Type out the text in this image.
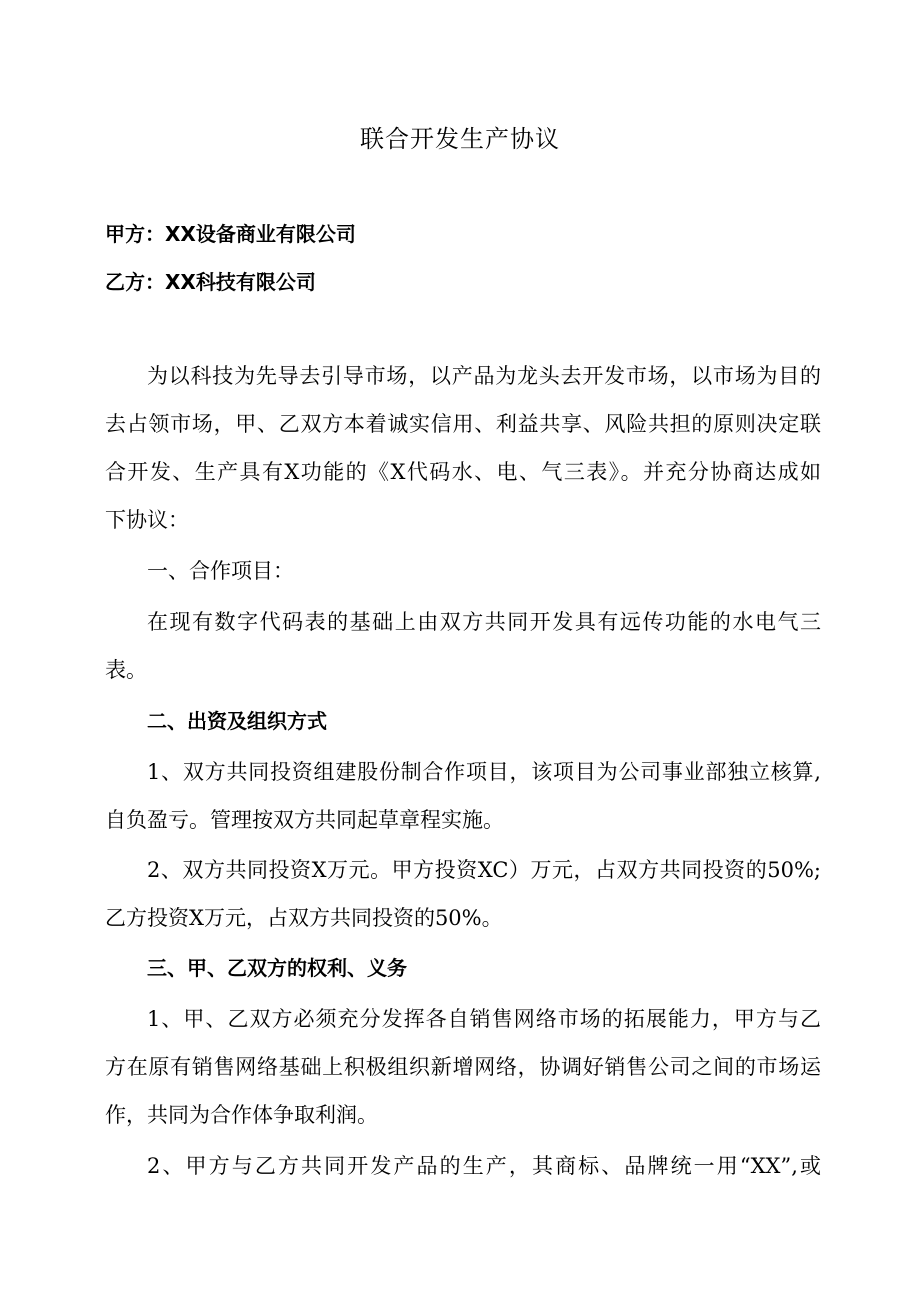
联合开发生产协议
甲方：XX设备商业有限公司
乙方：XX科技有限公司
为以科技为先导去引导市场，以产品为龙头去开发市场，以市场为目的
去占领市场，甲、乙双方本着诚实信用、利益共享、风险共担的原则决定联
合开发、生产具有X功能的《X代码水、电、气三表》。并充分协商达成如
下协议：
一、合作项目：
在现有数字代码表的基础上由双方共同开发具有远传功能的水电气三
表。
二、出资及组织方式
1、双方共同投资组建股份制合作项目，该项目为公司事业部独立核算,
自负盈亏。管理按双方共同起草章程实施。
2、双方共同投资X万元。甲方投资XC）万元，占双方共同投资的50%;
乙方投资X万元，占双方共同投资的50%。
三、甲、乙双方的权利、义务
1、甲、乙双方必须充分发挥各自销售网络市场的拓展能力，甲方与乙
方在原有销售网络基础上积极组织新增网络，协调好销售公司之间的市场运
作，共同为合作体争取利润。
2、甲方与乙方共同开发产品的生产，其商标、品牌统一用“XX”,或
